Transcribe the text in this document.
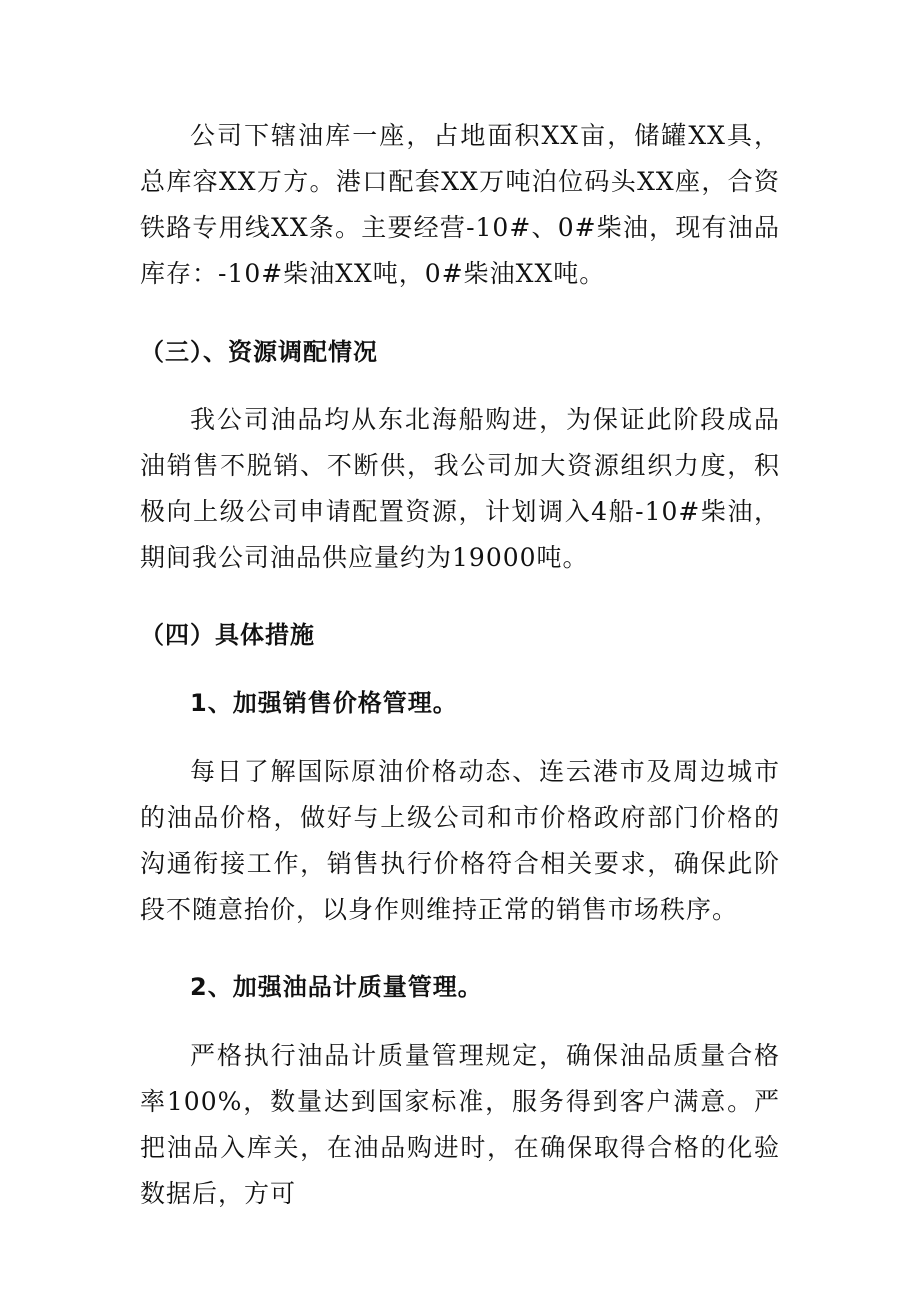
公司下辖油库一座，占地面积XX亩，储罐XX具，总库容XX万方。港口配套XX万吨泊位码头XX座，合资铁路专用线XX条。主要经营-10#、0#柴油，现有油品库存：-10#柴油XX吨，0#柴油XX吨。

（三）、资源调配情况

我公司油品均从东北海船购进，为保证此阶段成品油销售不脱销、不断供，我公司加大资源组织力度，积极向上级公司申请配置资源，计划调入4船-10#柴油，期间我公司油品供应量约为19000吨。

（四）具体措施

1、加强销售价格管理。

每日了解国际原油价格动态、连云港市及周边城市的油品价格，做好与上级公司和市价格政府部门价格的沟通衔接工作，销售执行价格符合相关要求，确保此阶段不随意抬价，以身作则维持正常的销售市场秩序。

2、加强油品计质量管理。

严格执行油品计质量管理规定，确保油品质量合格率100%，数量达到国家标准，服务得到客户满意。严把油品入库关，在油品购进时，在确保取得合格的化验数据后，方可
